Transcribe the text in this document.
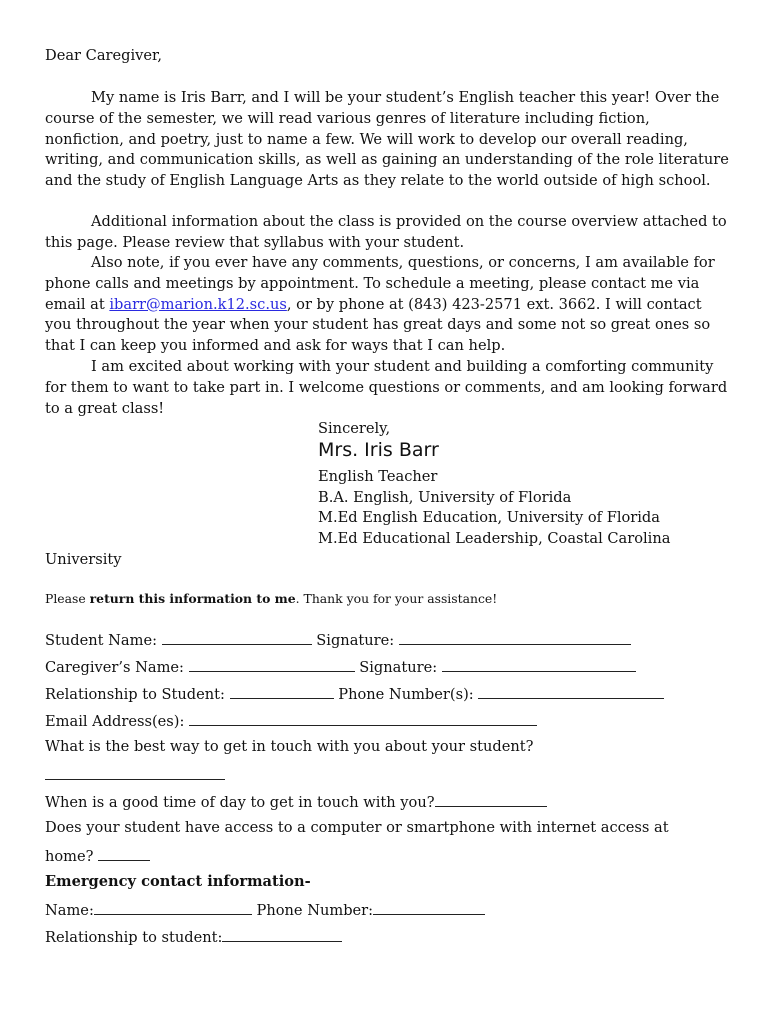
Dear Caregiver,

My name is Iris Barr, and I will be your student’s English teacher this year! Over the course of the semester, we will read various genres of literature including fiction, nonfiction, and poetry, just to name a few. We will work to develop our overall reading, writing, and communication skills, as well as gaining an understanding of the role literature and the study of English Language Arts as they relate to the world outside of high school.

Additional information about the class is provided on the course overview attached to this page. Please review that syllabus with your student.

Also note, if you ever have any comments, questions, or concerns, I am available for phone calls and meetings by appointment. To schedule a meeting, please contact me via email at ibarr@marion.k12.sc.us, or by phone at (843) 423-2571 ext. 3662. I will contact you throughout the year when your student has great days and some not so great ones so that I can keep you informed and ask for ways that I can help.

I am excited about working with your student and building a comforting community for them to want to take part in. I welcome questions or comments, and am looking forward to a great class!

Sincerely,
Mrs. Iris Barr
English Teacher
B.A. English, University of Florida
M.Ed English Education, University of Florida
M.Ed Educational Leadership, Coastal Carolina
University
Please return this information to me. Thank you for your assistance!
Student Name:	Signature:
Caregiver’s Name:	Signature:
Relationship to Student:	Phone Number(s):
Email Address(es):
What is the best way to get in touch with you about your student?
When is a good time of day to get in touch with you?
Does your student have access to a computer or smartphone with internet access at
home?
Emergency contact information-
Name:	Phone Number:
Relationship to student:
